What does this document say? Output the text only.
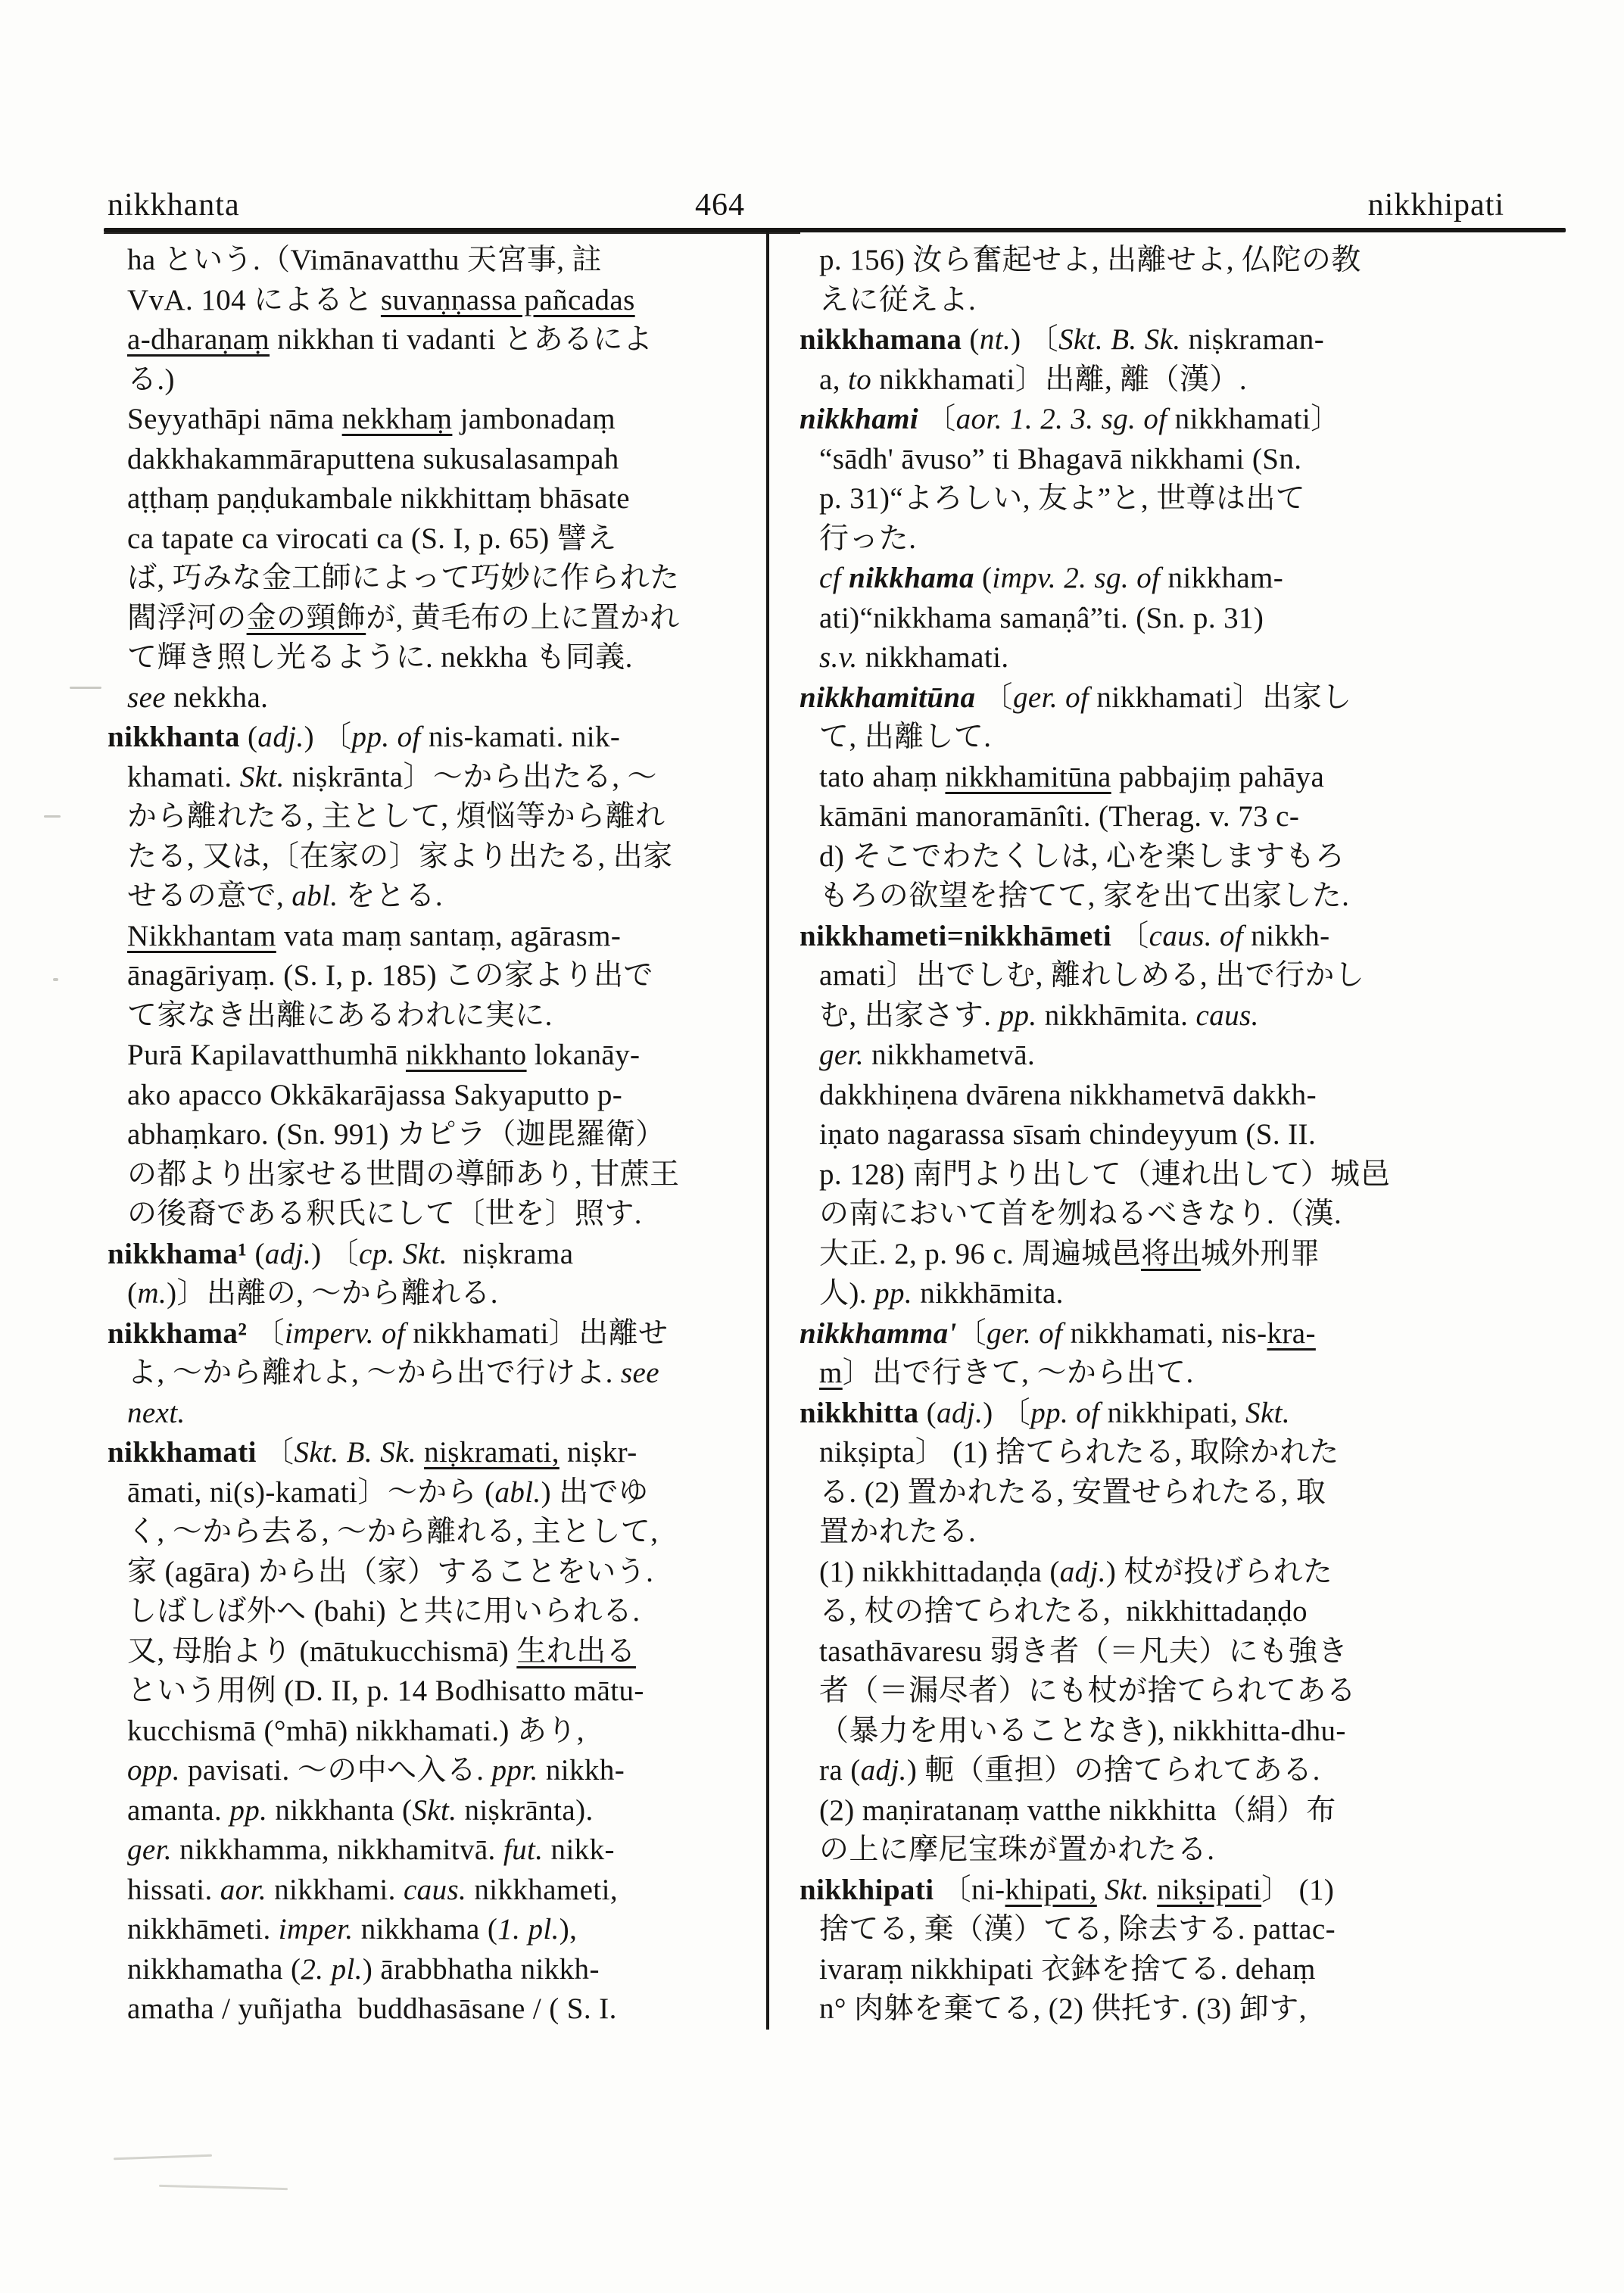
nikkhanta	464	nikkhipati
ha という.（Vimānavatthu 天宮事, 註
VvA. 104 によると suvaṇṇassa pañcadas
a-dharaṇaṃ nikkhan ti vadanti とあるによ
る.)
Seyyathāpi nāma nekkhaṃ jambonadaṃ
dakkhakammāraputtena sukusalasampah
aṭṭhaṃ paṇḍukambale nikkhittaṃ bhāsate
ca tapate ca virocati ca (S. I, p. 65) 譬え
ば, 巧みな金工師によって巧妙に作られた
閻浮河の金の頸飾が, 黄毛布の上に置かれ
て輝き照し光るように. nekkha も同義.
see nekkha.
nikkhanta (adj.) 〔pp. of nis-kamati. nik-
khamati. Skt. niṣkrānta〕～から出たる, ～
から離れたる, 主として, 煩悩等から離れ
たる, 又は,〔在家の〕家より出たる, 出家
せるの意で, abl. をとる.
Nikkhantam vata maṃ santaṃ, agārasm-
ānagāriyaṃ. (S. I, p. 185) この家より出で
て家なき出離にあるわれに実に.
Purā Kapilavatthumhā nikkhanto lokanāy-
ako apacco Okkākarājassa Sakyaputto p-
abhaṃkaro. (Sn. 991) カピラ（迦毘羅衛）
の都より出家せる世間の導師あり, 甘蔗王
の後裔である釈氏にして〔世を〕照す.
nikkhama¹ (adj.) 〔cp. Skt.  niṣkrama
(m.)〕出離の, ～から離れる.
nikkhama² 〔imperv. of nikkhamati〕出離せ
よ, ～から離れよ, ～から出で行けよ. see
next.
nikkhamati 〔Skt. B. Sk. niṣkramati, niṣkr-
āmati, ni(s)-kamati〕～から (abl.) 出でゆ
く, ～から去る, ～から離れる, 主として,
家 (agāra) から出（家）することをいう.
しばしば外へ (bahi) と共に用いられる.
又, 母胎より (mātukucchismā) 生れ出る
という用例 (D. II, p. 14 Bodhisatto mātu-
kucchismā (°mhā) nikkhamati.) あり,
opp. pavisati. ～の中へ入る. ppr. nikkh-
amanta. pp. nikkhanta (Skt. niṣkrānta).
ger. nikkhamma, nikkhamitvā. fut. nikk-
hissati. aor. nikkhami. caus. nikkhameti,
nikkhāmeti. imper. nikkhama (1. pl.),
nikkhamatha (2. pl.) ārabbhatha nikkh-
amatha / yuñjatha  buddhasāsane / ( S. I.
p. 156) 汝ら奮起せよ, 出離せよ, 仏陀の教
えに従えよ.
nikkhamana (nt.) 〔Skt. B. Sk. niṣkraman-
a, to nikkhamati〕出離, 離（漢）.
nikkhami 〔aor. 1. 2. 3. sg. of nikkhamati〕
“sādh' āvuso” ti Bhagavā nikkhami (Sn.
p. 31)“よろしい, 友よ”と, 世尊は出て
行った.
cf nikkhama (impv. 2. sg. of nikkham-
ati)“nikkhama samaṇâ”ti. (Sn. p. 31)
s.v. nikkhamati.
nikkhamitūna 〔ger. of nikkhamati〕出家し
て, 出離して.
tato ahaṃ nikkhamitūna pabbajiṃ pahāya
kāmāni manoramānîti. (Therag. v. 73 c-
d) そこでわたくしは, 心を楽しますもろ
もろの欲望を捨てて, 家を出て出家した.
nikkhameti=nikkhāmeti 〔caus. of nikkh-
amati〕出でしむ, 離れしめる, 出で行かし
む, 出家さす. pp. nikkhāmita. caus.
ger. nikkhametvā.
dakkhiṇena dvārena nikkhametvā dakkh-
iṇato nagarassa sīsaṁ chindeyyum (S. II.
p. 128) 南門より出して（連れ出して）城邑
の南において首を刎ねるべきなり.（漢.
大正. 2, p. 96 c. 周遍城邑将出城外刑罪
人). pp. nikkhāmita.
nikkhamma'〔ger. of nikkhamati, nis-kra-
m〕出で行きて, ～から出て.
nikkhitta (adj.) 〔pp. of nikkhipati, Skt.
nikṣipta〕 (1) 捨てられたる, 取除かれた
る. (2) 置かれたる, 安置せられたる, 取
置かれたる.
(1) nikkhittadaṇḍa (adj.) 杖が投げられた
る, 杖の捨てられたる,  nikkhittadaṇḍo
tasathāvaresu 弱き者（＝凡夫）にも強き
者（＝漏尽者）にも杖が捨てられてある
（暴力を用いることなき), nikkhitta-dhu-
ra (adj.) 軛（重担）の捨てられてある.
(2) maṇiratanaṃ vatthe nikkhitta（絹）布
の上に摩尼宝珠が置かれたる.
nikkhipati 〔ni-khipati, Skt. nikṣipati〕 (1)
捨てる, 棄（漢）てる, 除去する. pattac-
ivaraṃ nikkhipati 衣鉢を捨てる. dehaṃ
n° 肉躰を棄てる, (2) 供托す. (3) 卸す,
